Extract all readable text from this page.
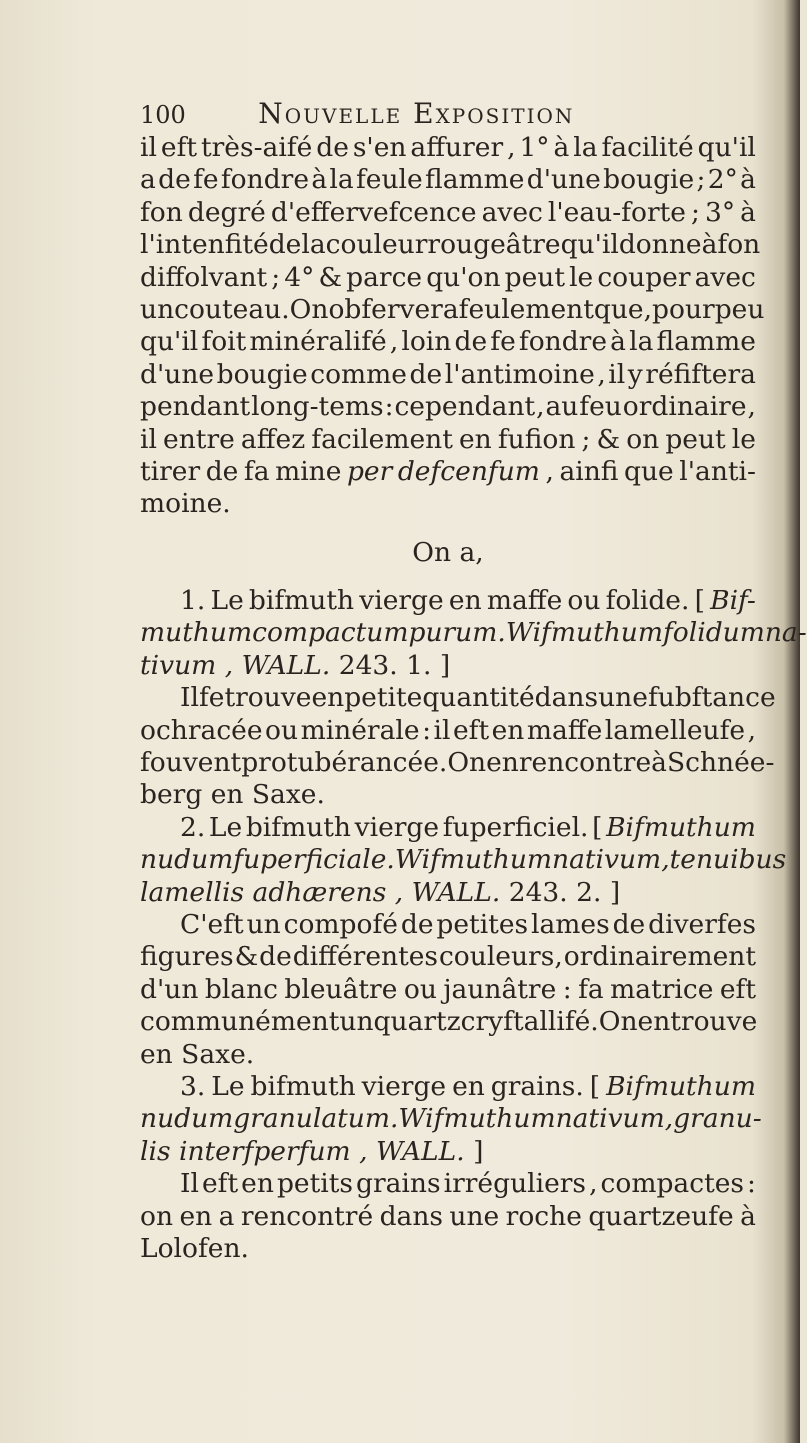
100	Nouvelle Exposition
il eft très-aifé de s'en affurer , 1° à la facilité qu'il
a de fe fondre à la feule flamme d'une bougie ; 2° à
fon degré d'effervefcence avec l'eau-forte ; 3° à
l'intenfité de la couleur rougeâtre qu'il donne à fon
diffolvant ; 4° & parce qu'on peut le couper avec
un couteau. On obfervera feulement que , pour peu
qu'il foit minéralifé , loin de fe fondre à la flamme
d'une bougie comme de l'antimoine , il y réfiftera
pendant long-tems : cependant , au feu ordinaire ,
il entre affez facilement en fufion ; & on peut le
tirer de fa mine per defcenfum , ainfi que l'anti-
moine.
On a,
1. Le bifmuth vierge en maffe ou folide. [ Bif-
muthum compactum purum. Wifmuthum folidum na-
tivum ,
WALL.
243. 1. ]
Il fe trouve en petite quantité dans une fubftance
ochracée ou minérale : il eft en maffe lamelleufe ,
fouvent protubérancée. On en rencontre à Schnée-
berg en Saxe.
2. Le bifmuth vierge fuperficiel. [ Bifmuthum
nudum fuperficiale. Wifmuthum nativum , tenuibus
lamellis adhærens ,
WALL.
243. 2. ]
C'eft un compofé de petites lames de diverfes
figures & de différentes couleurs, ordinairement
d'un blanc bleuâtre ou jaunâtre : fa matrice eft
communément un quartz cryftallifé. On en trouve
en Saxe.
3. Le bifmuth vierge en grains. [ Bifmuthum
nudum granulatum. Wifmuthum nativum , granu-
lis interfperfum ,
WALL.
]
Il eft en petits grains irréguliers , compactes :
on en a rencontré dans une roche quartzeufe à
Lolofen.
